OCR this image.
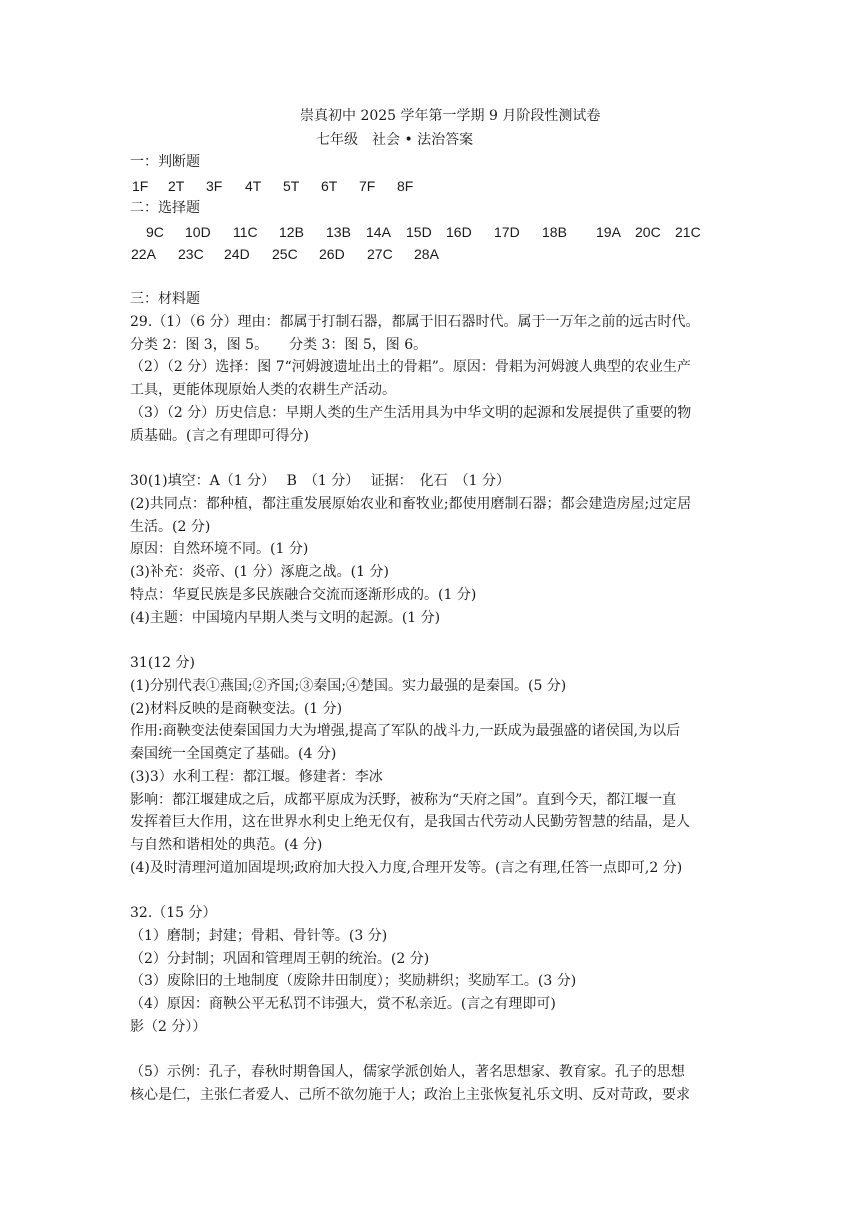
崇真初中 2025 学年第一学期 9 月阶段性测试卷
七年级　社会 • 法治答案
一：判断题
1F 2T 3F 4T 5T 6T 7F 8F
二：选择题
9C 10D 11C 12B 13B 14A 15D 16D 17D 18B 19A 20C 21C
22A 23C 24D 25C 26D 27C 28A
三：材料题
29.（1）（6 分）理由：都属于打制石器，都属于旧石器时代。属于一万年之前的远古时代。
分类 2：图 3，图 5。　　分类 3：图 5，图 6。
（2）（2 分）选择：图 7“河姆渡遗址出土的骨耜”。原因：骨耜为河姆渡人典型的农业生产
工具，更能体现原始人类的农耕生产活动。
（3）（2 分）历史信息：早期人类的生产生活用具为中华文明的起源和发展提供了重要的物
质基础。(言之有理即可得分)
30(1)填空：A（1 分）　 B　（1 分）　 证据：　化石　（1 分）
(2)共同点：都种植，都注重发展原始农业和畜牧业;都使用磨制石器；都会建造房屋;过定居
生活。(2 分)
原因：自然环境不同。(1 分)
(3)补充：炎帝、(1 分）涿鹿之战。(1 分)
特点：华夏民族是多民族融合交流而逐渐形成的。(1 分)
(4)主题：中国境内早期人类与文明的起源。(1 分)
31(12 分)
(1)分别代表①燕国;②齐国;③秦国;④楚国。实力最强的是秦国。(5 分)
(2)材料反映的是商鞅变法。(1 分)
作用:商鞅变法使秦国国力大为增强,提高了军队的战斗力,一跃成为最强盛的诸侯国,为以后
秦国统一全国奠定了基础。(4 分)
(3)3）水利工程：都江堰。修建者：李冰
影响：都江堰建成之后，成都平原成为沃野，被称为“天府之国”。直到今天，都江堰一直
发挥着巨大作用，这在世界水利史上绝无仅有，是我国古代劳动人民勤劳智慧的结晶，是人
与自然和谐相处的典范。(4 分)
(4)及时清理河道加固堤坝;政府加大投入力度,合理开发等。(言之有理,任答一点即可,2 分)
32.（15 分）
（1）磨制；封建；骨耜、骨针等。(3 分)
（2）分封制；巩固和管理周王朝的统治。(2 分)
（3）废除旧的土地制度（废除井田制度）；奖励耕织；奖励军工。(3 分)
（4）原因：商鞅公平无私罚不讳强大，赏不私亲近。(言之有理即可)
影（2 分））
（5）示例：孔子，春秋时期鲁国人，儒家学派创始人，著名思想家、教育家。孔子的思想
核心是仁，主张仁者爱人、己所不欲勿施于人；政治上主张恢复礼乐文明、反对苛政，要求
